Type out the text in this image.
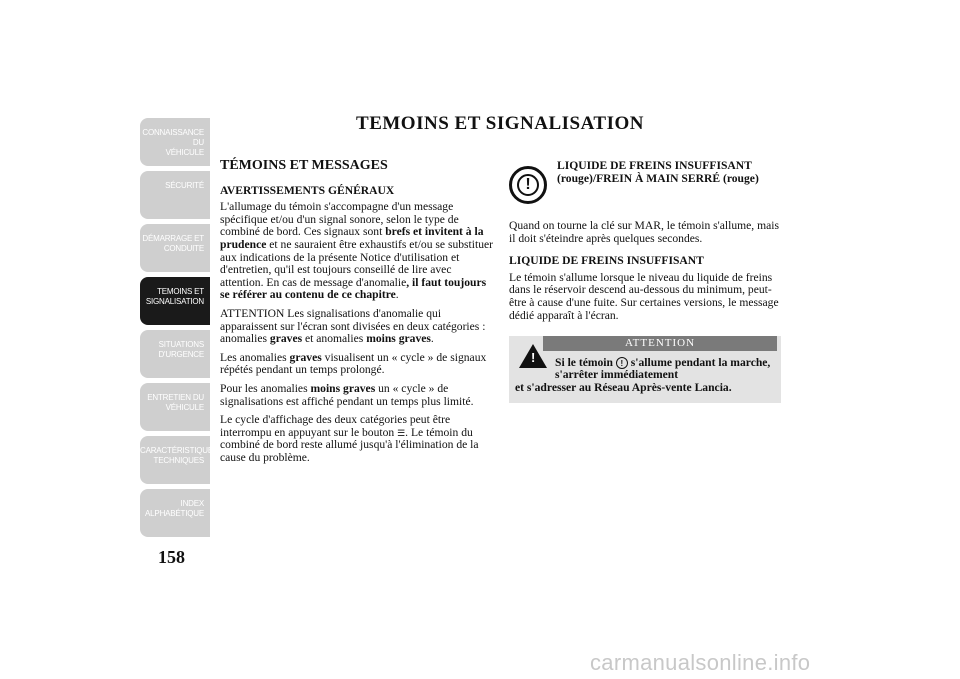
CONNAISSANCE DU
VÉHICULE
SÉCURITÉ
DÉMARRAGE ET
CONDUITE
TEMOINS ET
SIGNALISATION
SITUATIONS
D'URGENCE
ENTRETIEN DU
VÉHICULE
CARACTÉRISTIQUES
TECHNIQUES
INDEX
ALPHABÉTIQUE
158
TEMOINS ET SIGNALISATION
TÉMOINS ET MESSAGES
AVERTISSEMENTS GÉNÉRAUX

L'allumage du témoin s'accompagne d'un message spécifique et/ou d'un signal sonore, selon le type de combiné de bord. Ces signaux sont brefs et invitent à la prudence et ne sauraient être exhaustifs et/ou se substituer aux indications de la présente Notice d'utilisation et d'entretien, qu'il est toujours conseillé de lire avec attention. En cas de message d'anomalie, il faut toujours se référer au contenu de ce chapitre.

ATTENTION Les signalisations d'anomalie qui apparaissent sur l'écran sont divisées en deux catégories : anomalies graves et anomalies moins graves.

Les anomalies graves visualisent un « cycle » de signaux répétés pendant un temps prolongé.

Pour les anomalies moins graves un « cycle » de signalisations est affiché pendant un temps plus limité.

Le cycle d'affichage des deux catégories peut être interrompu en appuyant sur le bouton ☰. Le témoin du combiné de bord reste allumé jusqu'à l'élimination de la cause du problème.

!
LIQUIDE DE FREINS INSUFFISANT (rouge)/FREIN À MAIN SERRÉ (rouge)

Quand on tourne la clé sur MAR, le témoin s'allume, mais il doit s'éteindre après quelques secondes.

LIQUIDE DE FREINS INSUFFISANT

Le témoin s'allume lorsque le niveau du liquide de freins dans le réservoir descend au-dessous du minimum, peut-être à cause d'une fuite. Sur certaines versions, le message dédié apparaît à l'écran.

!
ATTENTION
Si le témoin ! s'allume pendant la marche, s'arrêter immédiatement
et s'adresser au Réseau Après-vente Lancia.
carmanualsonline.info
